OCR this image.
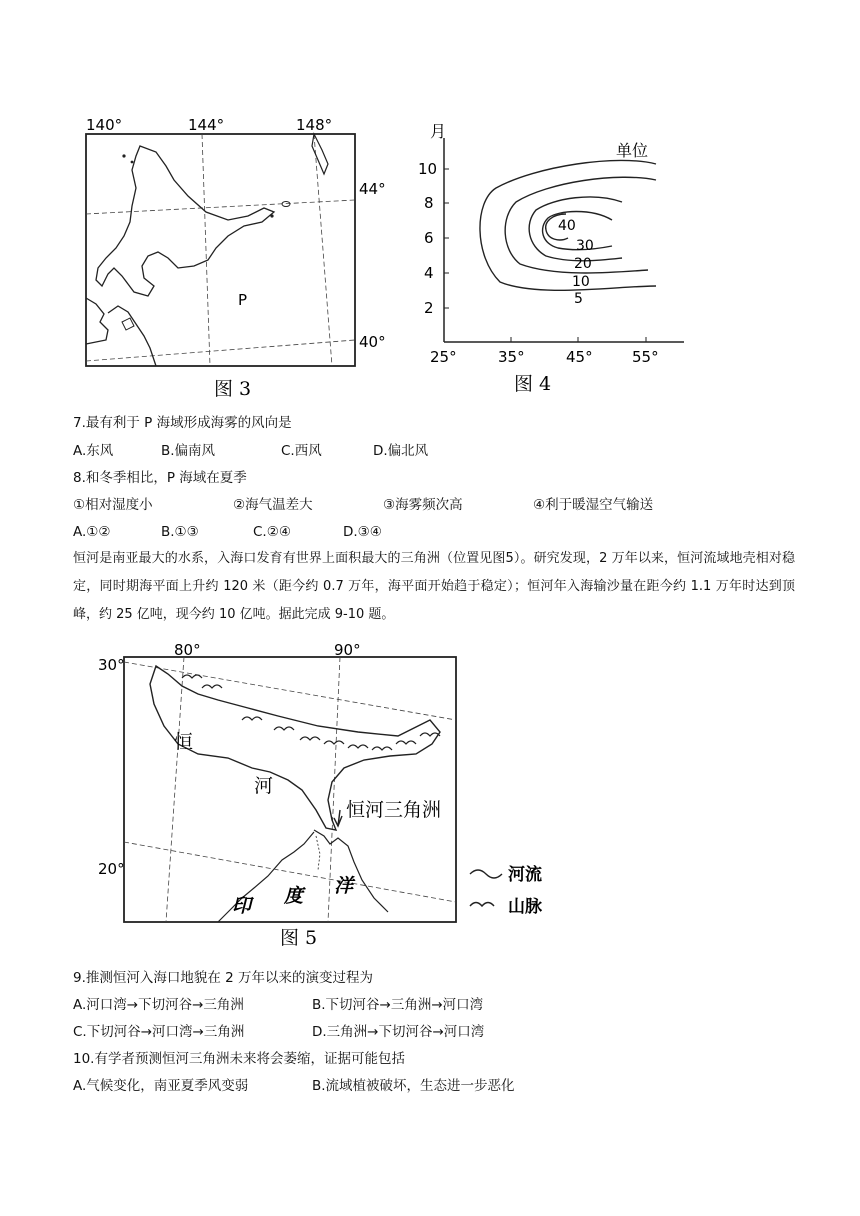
140°	144°	148°
44°
40°
P
图 3
月
10
8
6
4
2
25°	35°	45°	55°
单位
40
30
20
10
5
图 4
7.最有利于 P 海域形成海雾的风向是
A.东风	B.偏南风	C.西风	D.偏北风
8.和冬季相比，P 海域在夏季
①相对湿度小	②海气温差大	③海雾频次高	④利于暖湿空气输送
A.①②	B.①③	C.②④	D.③④
恒河是南亚最大的水系，入海口发育有世界上面积最大的三角洲（位置见图5）。研究发现，2 万年以来，恒河流域地壳相对稳定，同时期海平面上升约 120 米（距今约 0.7 万年，海平面开始趋于稳定）；恒河年入海输沙量在距今约 1.1 万年时达到顶峰，约 25 亿吨，现今约 10 亿吨。据此完成 9-10 题。
80°	90°
30°
20°
恒
河
恒河三角洲
印 度 洋	河流
山脉
图 5
9.推测恒河入海口地貌在 2 万年以来的演变过程为
A.河口湾→下切河谷→三角洲	B.下切河谷→三角洲→河口湾
C.下切河谷→河口湾→三角洲	D.三角洲→下切河谷→河口湾
10.有学者预测恒河三角洲未来将会萎缩，证据可能包括
A.气候变化，南亚夏季风变弱	B.流域植被破坏，生态进一步恶化
